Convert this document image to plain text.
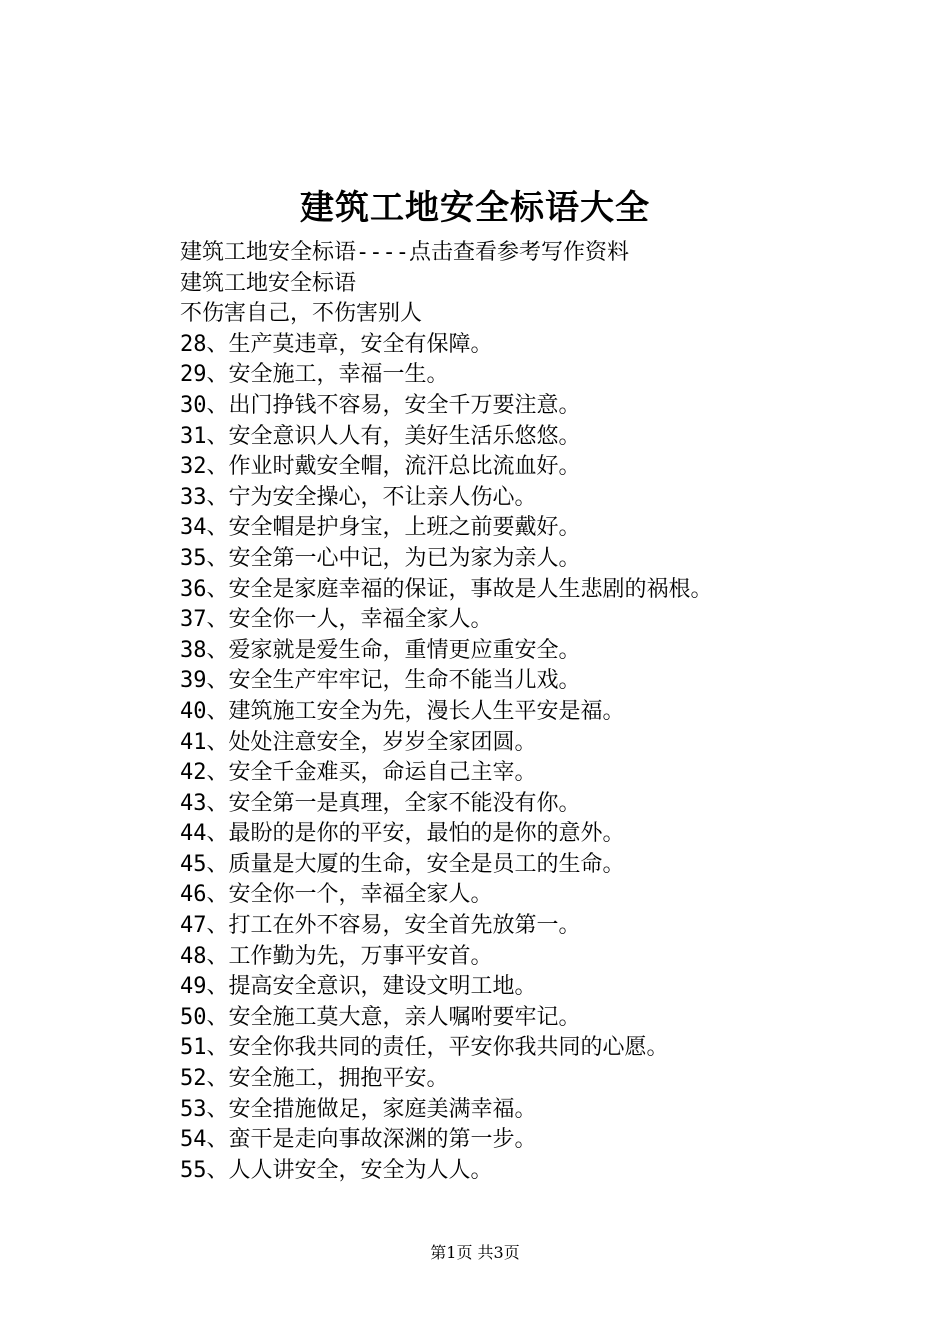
建筑工地安全标语大全
建筑工地安全标语----点击查看参考写作资料
建筑工地安全标语
不伤害自己，不伤害别人
28、生产莫违章，安全有保障。
29、安全施工，幸福一生。
30、出门挣钱不容易，安全千万要注意。
31、安全意识人人有，美好生活乐悠悠。
32、作业时戴安全帽，流汗总比流血好。
33、宁为安全操心，不让亲人伤心。
34、安全帽是护身宝，上班之前要戴好。
35、安全第一心中记，为已为家为亲人。
36、安全是家庭幸福的保证，事故是人生悲剧的祸根。
37、安全你一人，幸福全家人。
38、爱家就是爱生命，重情更应重安全。
39、安全生产牢牢记，生命不能当儿戏。
40、建筑施工安全为先，漫长人生平安是福。
41、处处注意安全，岁岁全家团圆。
42、安全千金难买，命运自己主宰。
43、安全第一是真理，全家不能没有你。
44、最盼的是你的平安，最怕的是你的意外。
45、质量是大厦的生命，安全是员工的生命。
46、安全你一个，幸福全家人。
47、打工在外不容易，安全首先放第一。
48、工作勤为先，万事平安首。
49、提高安全意识，建设文明工地。
50、安全施工莫大意，亲人嘱咐要牢记。
51、安全你我共同的责任，平安你我共同的心愿。
52、安全施工，拥抱平安。
53、安全措施做足，家庭美满幸福。
54、蛮干是走向事故深渊的第一步。
55、人人讲安全，安全为人人。
第1页 共3页
